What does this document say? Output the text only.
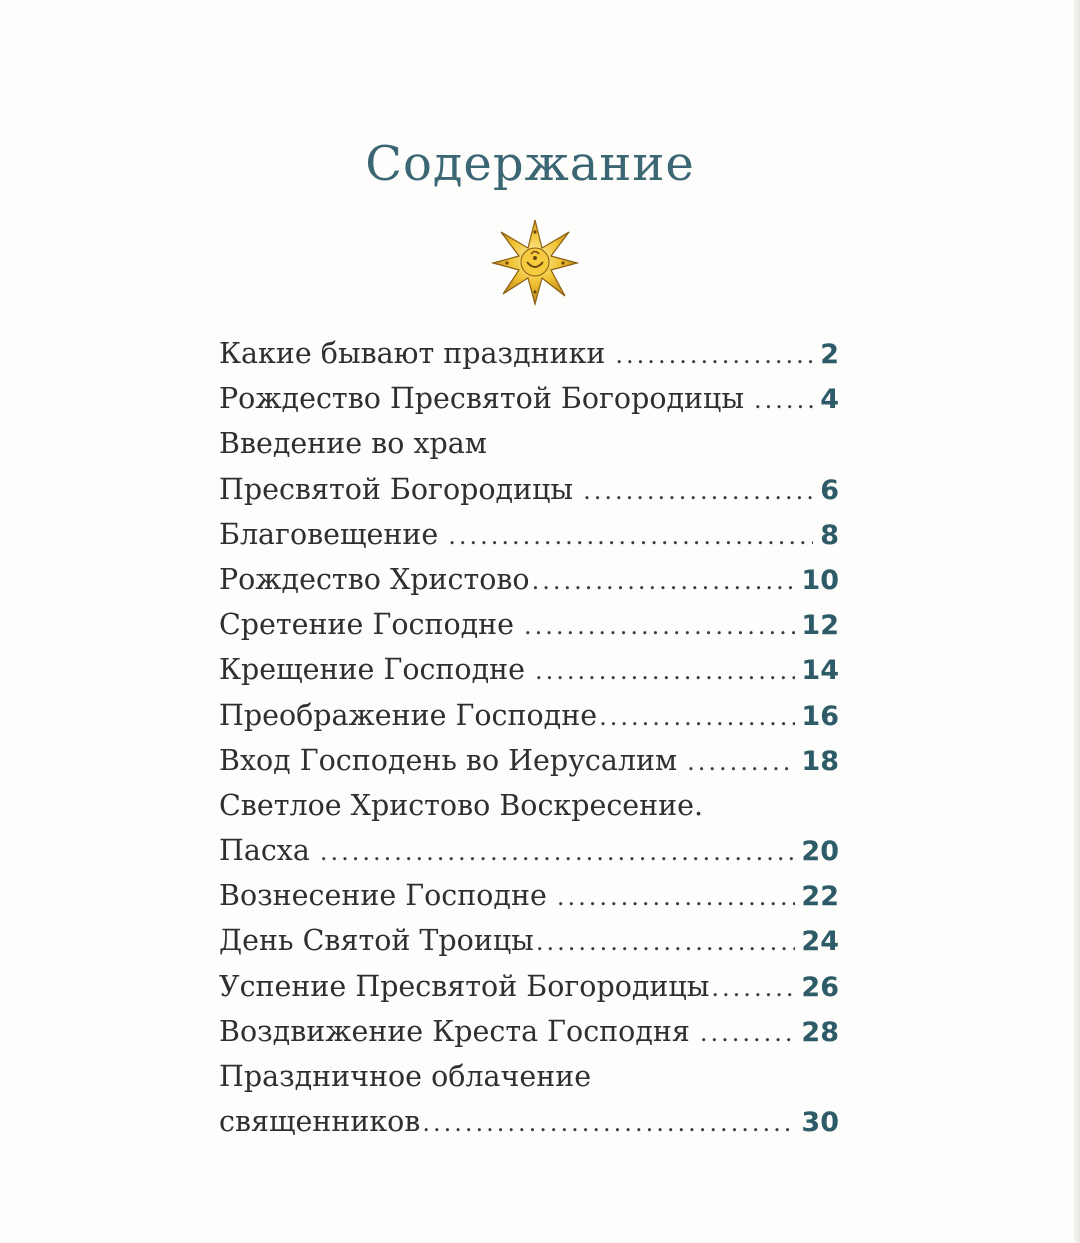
Содержание
Какие бывают праздники .....	2
Рождество Пресвятой Богородицы .....	4
Введение во храм
Пресвятой Богородицы .....	6
Благовещение .....	8
Рождество Христово .....	10
Сретение Господне .....	12
Крещение Господне .....	14
Преображение Господне .....	16
Вход Господень во Иерусалим .....	18
Светлое Христово Воскресение.
Пасха .....	20
Вознесение Господне .....	22
День Святой Троицы .....	24
Успение Пресвятой Богородицы .....	26
Воздвижение Креста Господня .....	28
Праздничное облачение
священников .....	30
